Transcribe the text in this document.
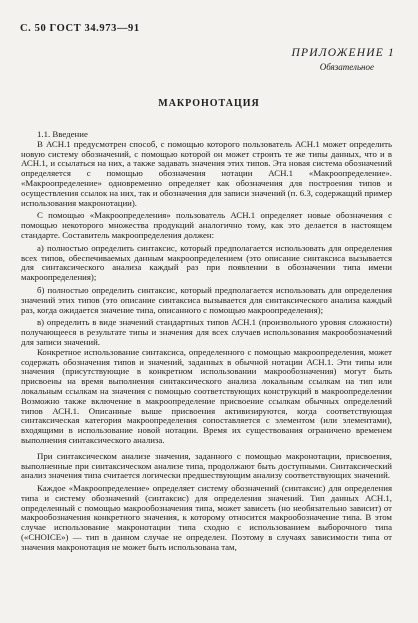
С. 50 ГОСТ 34.973—91
ПРИЛОЖЕНИЕ 1
Обязательное
МАКРОНОТАЦИЯ

1.1. Введение

В АСН.1 предусмотрен способ, с помощью которого пользователь АСН.1 может определить новую систему обозначений, с помощью которой он может строить те же типы данных, что и в АСН.1, и ссылаться на них, а также задавать значения этих типов. Эта новая система обозначений определяется с помощью обозначения нотации АСН.1 «Макроопределение». «Макроопределение» одновременно определяет как обозначения для построения типов и осуществления ссылок на них, так и обозначения для записи значений (п. 6.3, содержащий пример использования макронотации).

С помощью «Макроопределения» пользователь АСН.1 определяет новые обозначения с помощью некоторого множества продукций аналогично тому, как это делается в настоящем стандарте. Составитель макроопределения должен:

а) полностью определить синтаксис, который предполагается использовать для определения всех типов, обеспечиваемых данным макроопределением (это описание синтаксиса вызывается для синтаксического анализа каждый раз при появлении в обозначении типа имени макроопределения);

б) полностью определить синтаксис, который предполагается использовать для определения значений этих типов (это описание синтаксиса вызывается для синтаксического анализа каждый раз, когда ожидается значение типа, описанного с помощью макроопределения);

в) определить в виде значений стандартных типов АСН.1 (произвольного уровня сложности) получающееся в результате типы и значения для всех случаев использования макрообозначений для записи значений.

Конкретное использование синтаксиса, определенного с помощью макроопределения, может содержать обозначения типов и значений, заданных в обычной нотации АСН.1. Эти типы или значения (присутствующие в конкретном использовании макрообозначения) могут быть присвоены на время выполнения синтаксического анализа локальным ссылкам на тип или локальным ссылкам на значения с помощью соответствующих конструкций в макроопределении Возможно также включение в макроопределение присвоение ссылкам обычных определений типов АСН.1. Описанные выше присвоения активизируются, когда соответствующая синтаксическая категория макроопределения сопоставляется с элементом (или элементами), входящими в использование новой нотации. Время их существования ограничено временем выполнения синтаксического анализа.

При синтаксическом анализе значения, заданного с помощью макронотации, присвоения, выполненные при синтаксическом анализе типа, продолжают быть доступными. Синтаксический анализ значения типа считается логически предшествующим анализу соответствующих значений.

Каждое «Макроопределение» определяет систему обозначений (синтаксис) для определения типа и систему обозначений (синтаксис) для определения значений. Тип данных АСН.1, определенный с помощью макрообозначения типа, может зависеть (но необязательно зависит) от макрообозначения конкретного значения, к которому относится макрообозначение типа. В этом случае использование макронотации типа сходно с использованием выборочного типа («CHOICE») — тип в данном случае не определен. Поэтому в случаях зависимости типа от значения макронотация не может быть использована там,
